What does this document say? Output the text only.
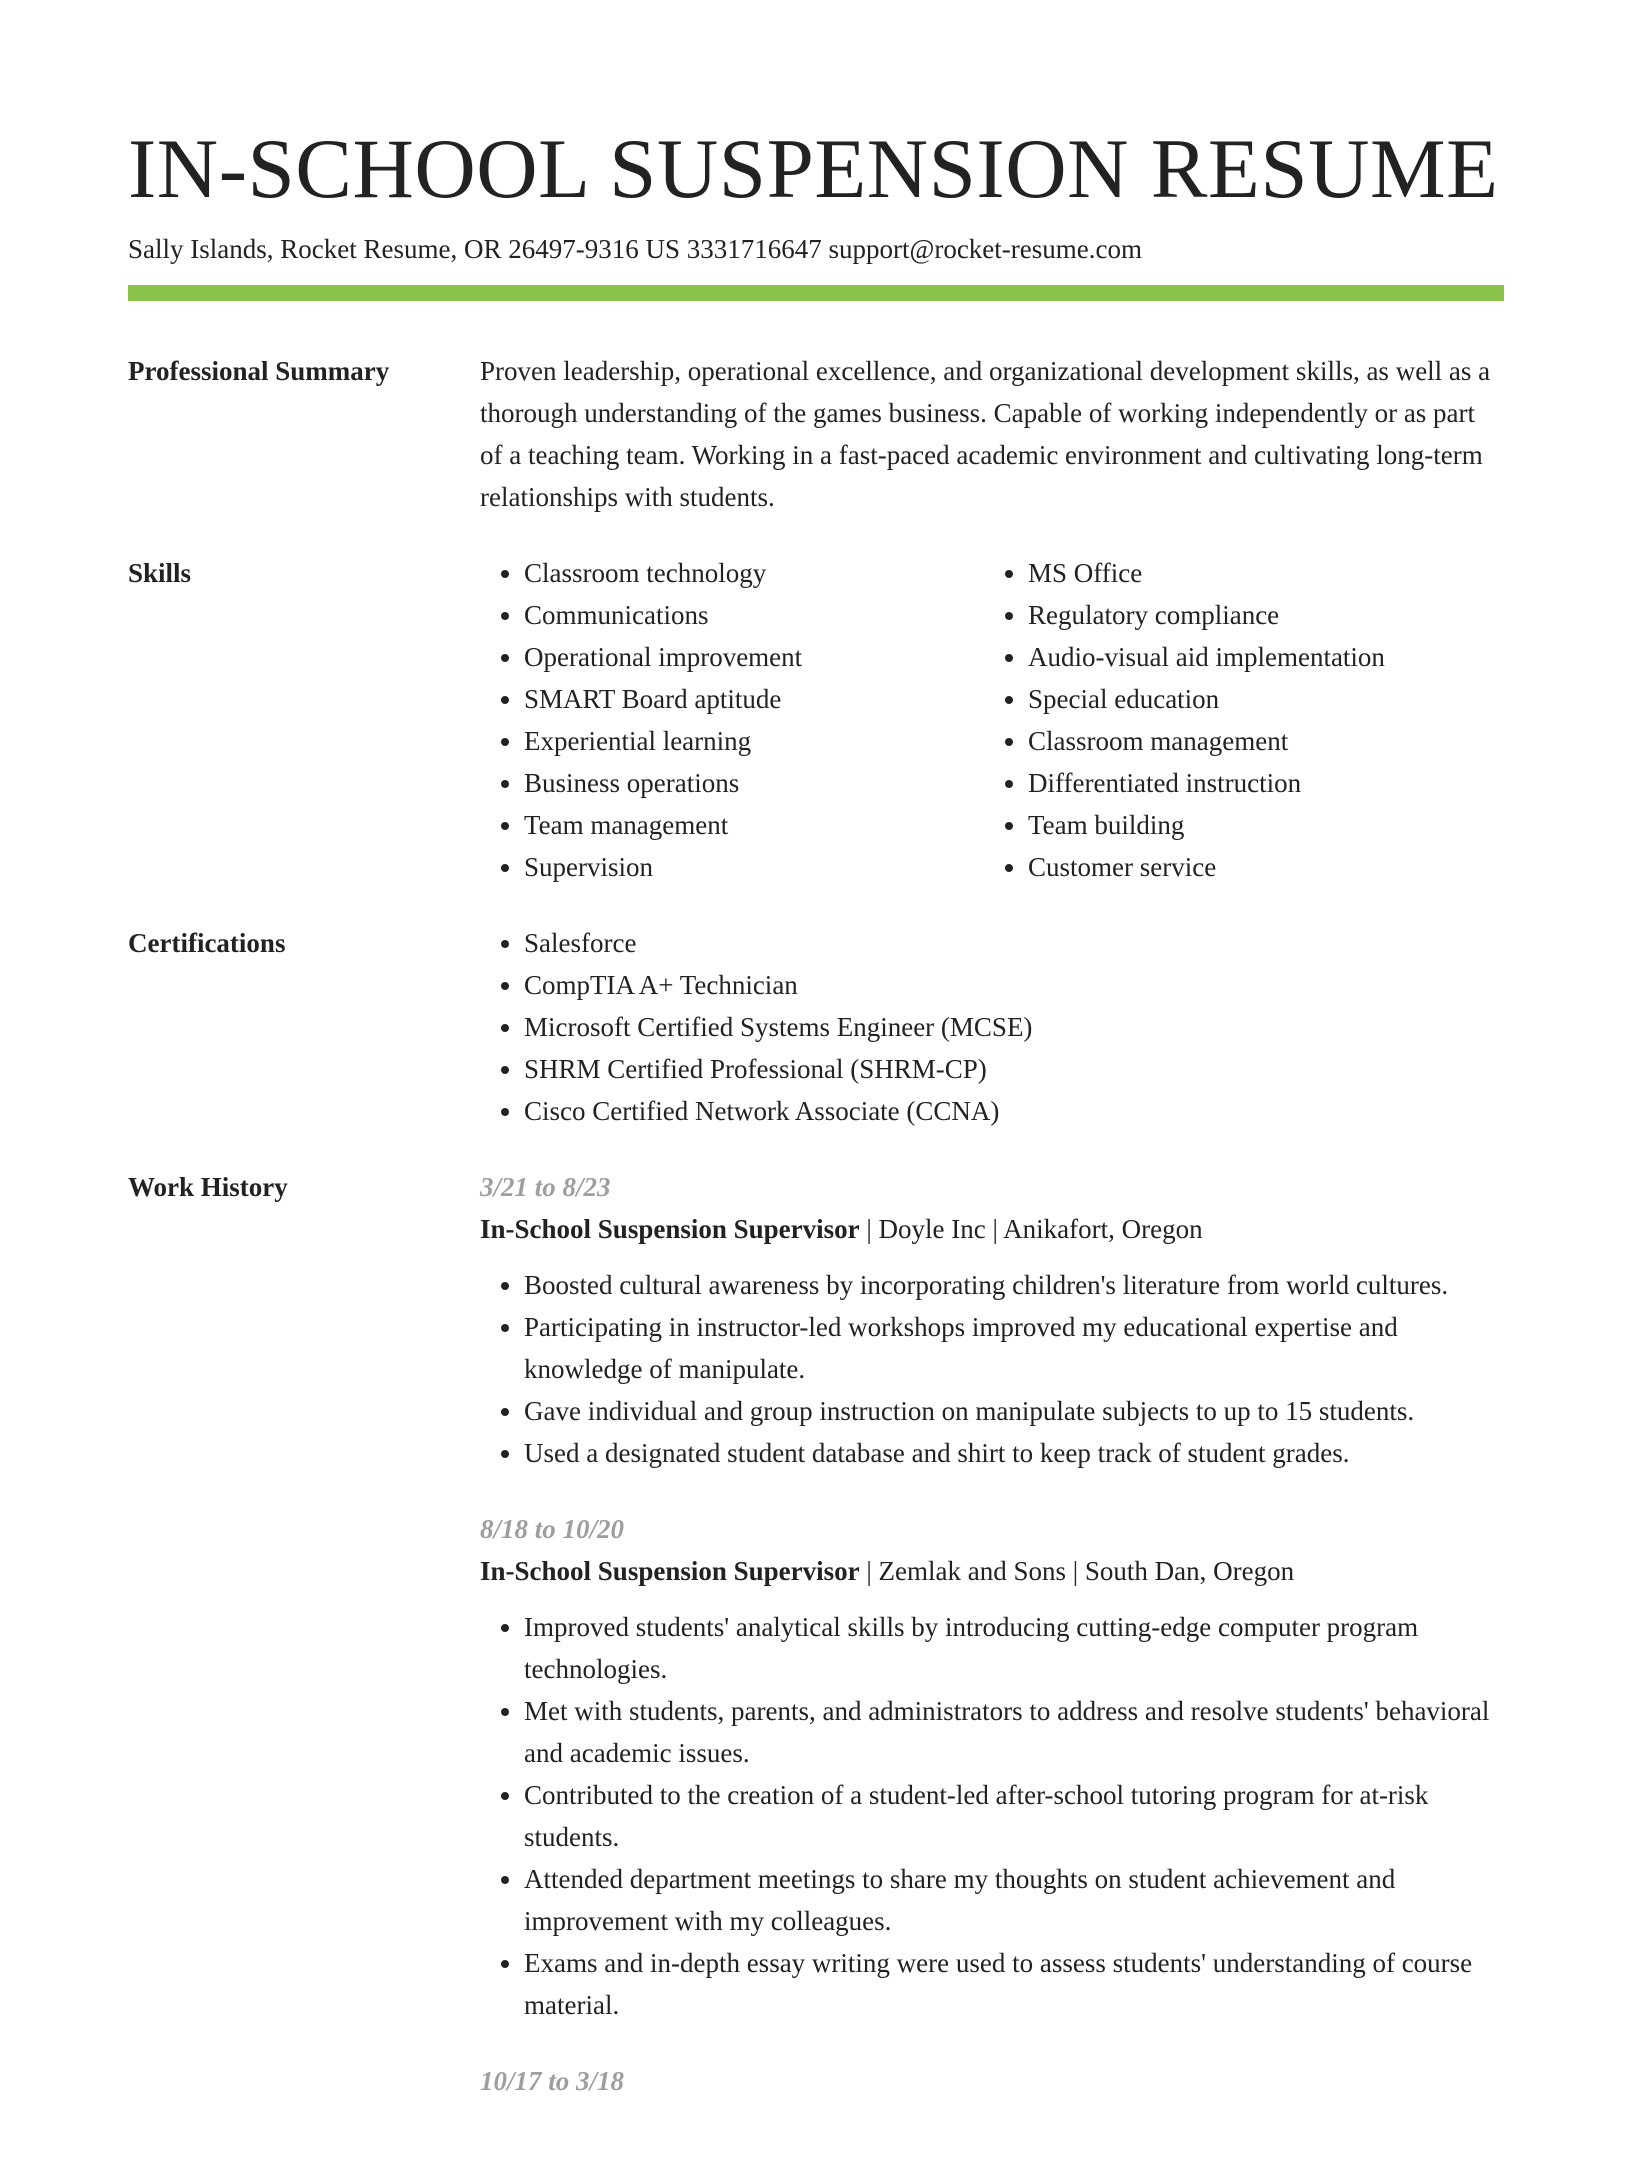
IN-SCHOOL SUSPENSION RESUME
Sally Islands, Rocket Resume, OR 26497-9316 US 3331716647 support@rocket-resume.com
Professional Summary	Proven leadership, operational excellence, and organizational development skills, as well as a thorough understanding of the games business. Capable of working independently or as part of a teaching team. Working in a fast-paced academic environment and cultivating long-term relationships with students.

Skills	• Classroom technology
• Communications
• Operational improvement
• SMART Board aptitude
• Experiential learning
• Business operations
• Team management
• Supervision
• MS Office
• Regulatory compliance
• Audio-visual aid implementation
• Special education
• Classroom management
• Differentiated instruction
• Team building
• Customer service
Certifications	• Salesforce
• CompTIA A+ Technician
• Microsoft Certified Systems Engineer (MCSE)
• SHRM Certified Professional (SHRM-CP)
• Cisco Certified Network Associate (CCNA)
Work History	3/21 to 8/23
In-School Suspension Supervisor | Doyle Inc | Anikafort, Oregon
• Boosted cultural awareness by incorporating children's literature from world cultures.
• Participating in instructor-led workshops improved my educational expertise and knowledge of manipulate.
• Gave individual and group instruction on manipulate subjects to up to 15 students.
• Used a designated student database and shirt to keep track of student grades.
8/18 to 10/20
In-School Suspension Supervisor | Zemlak and Sons | South Dan, Oregon
• Improved students' analytical skills by introducing cutting-edge computer program technologies.
• Met with students, parents, and administrators to address and resolve students' behavioral and academic issues.
• Contributed to the creation of a student-led after-school tutoring program for at-risk students.
• Attended department meetings to share my thoughts on student achievement and improvement with my colleagues.
• Exams and in-depth essay writing were used to assess students' understanding of course material.
10/17 to 3/18
